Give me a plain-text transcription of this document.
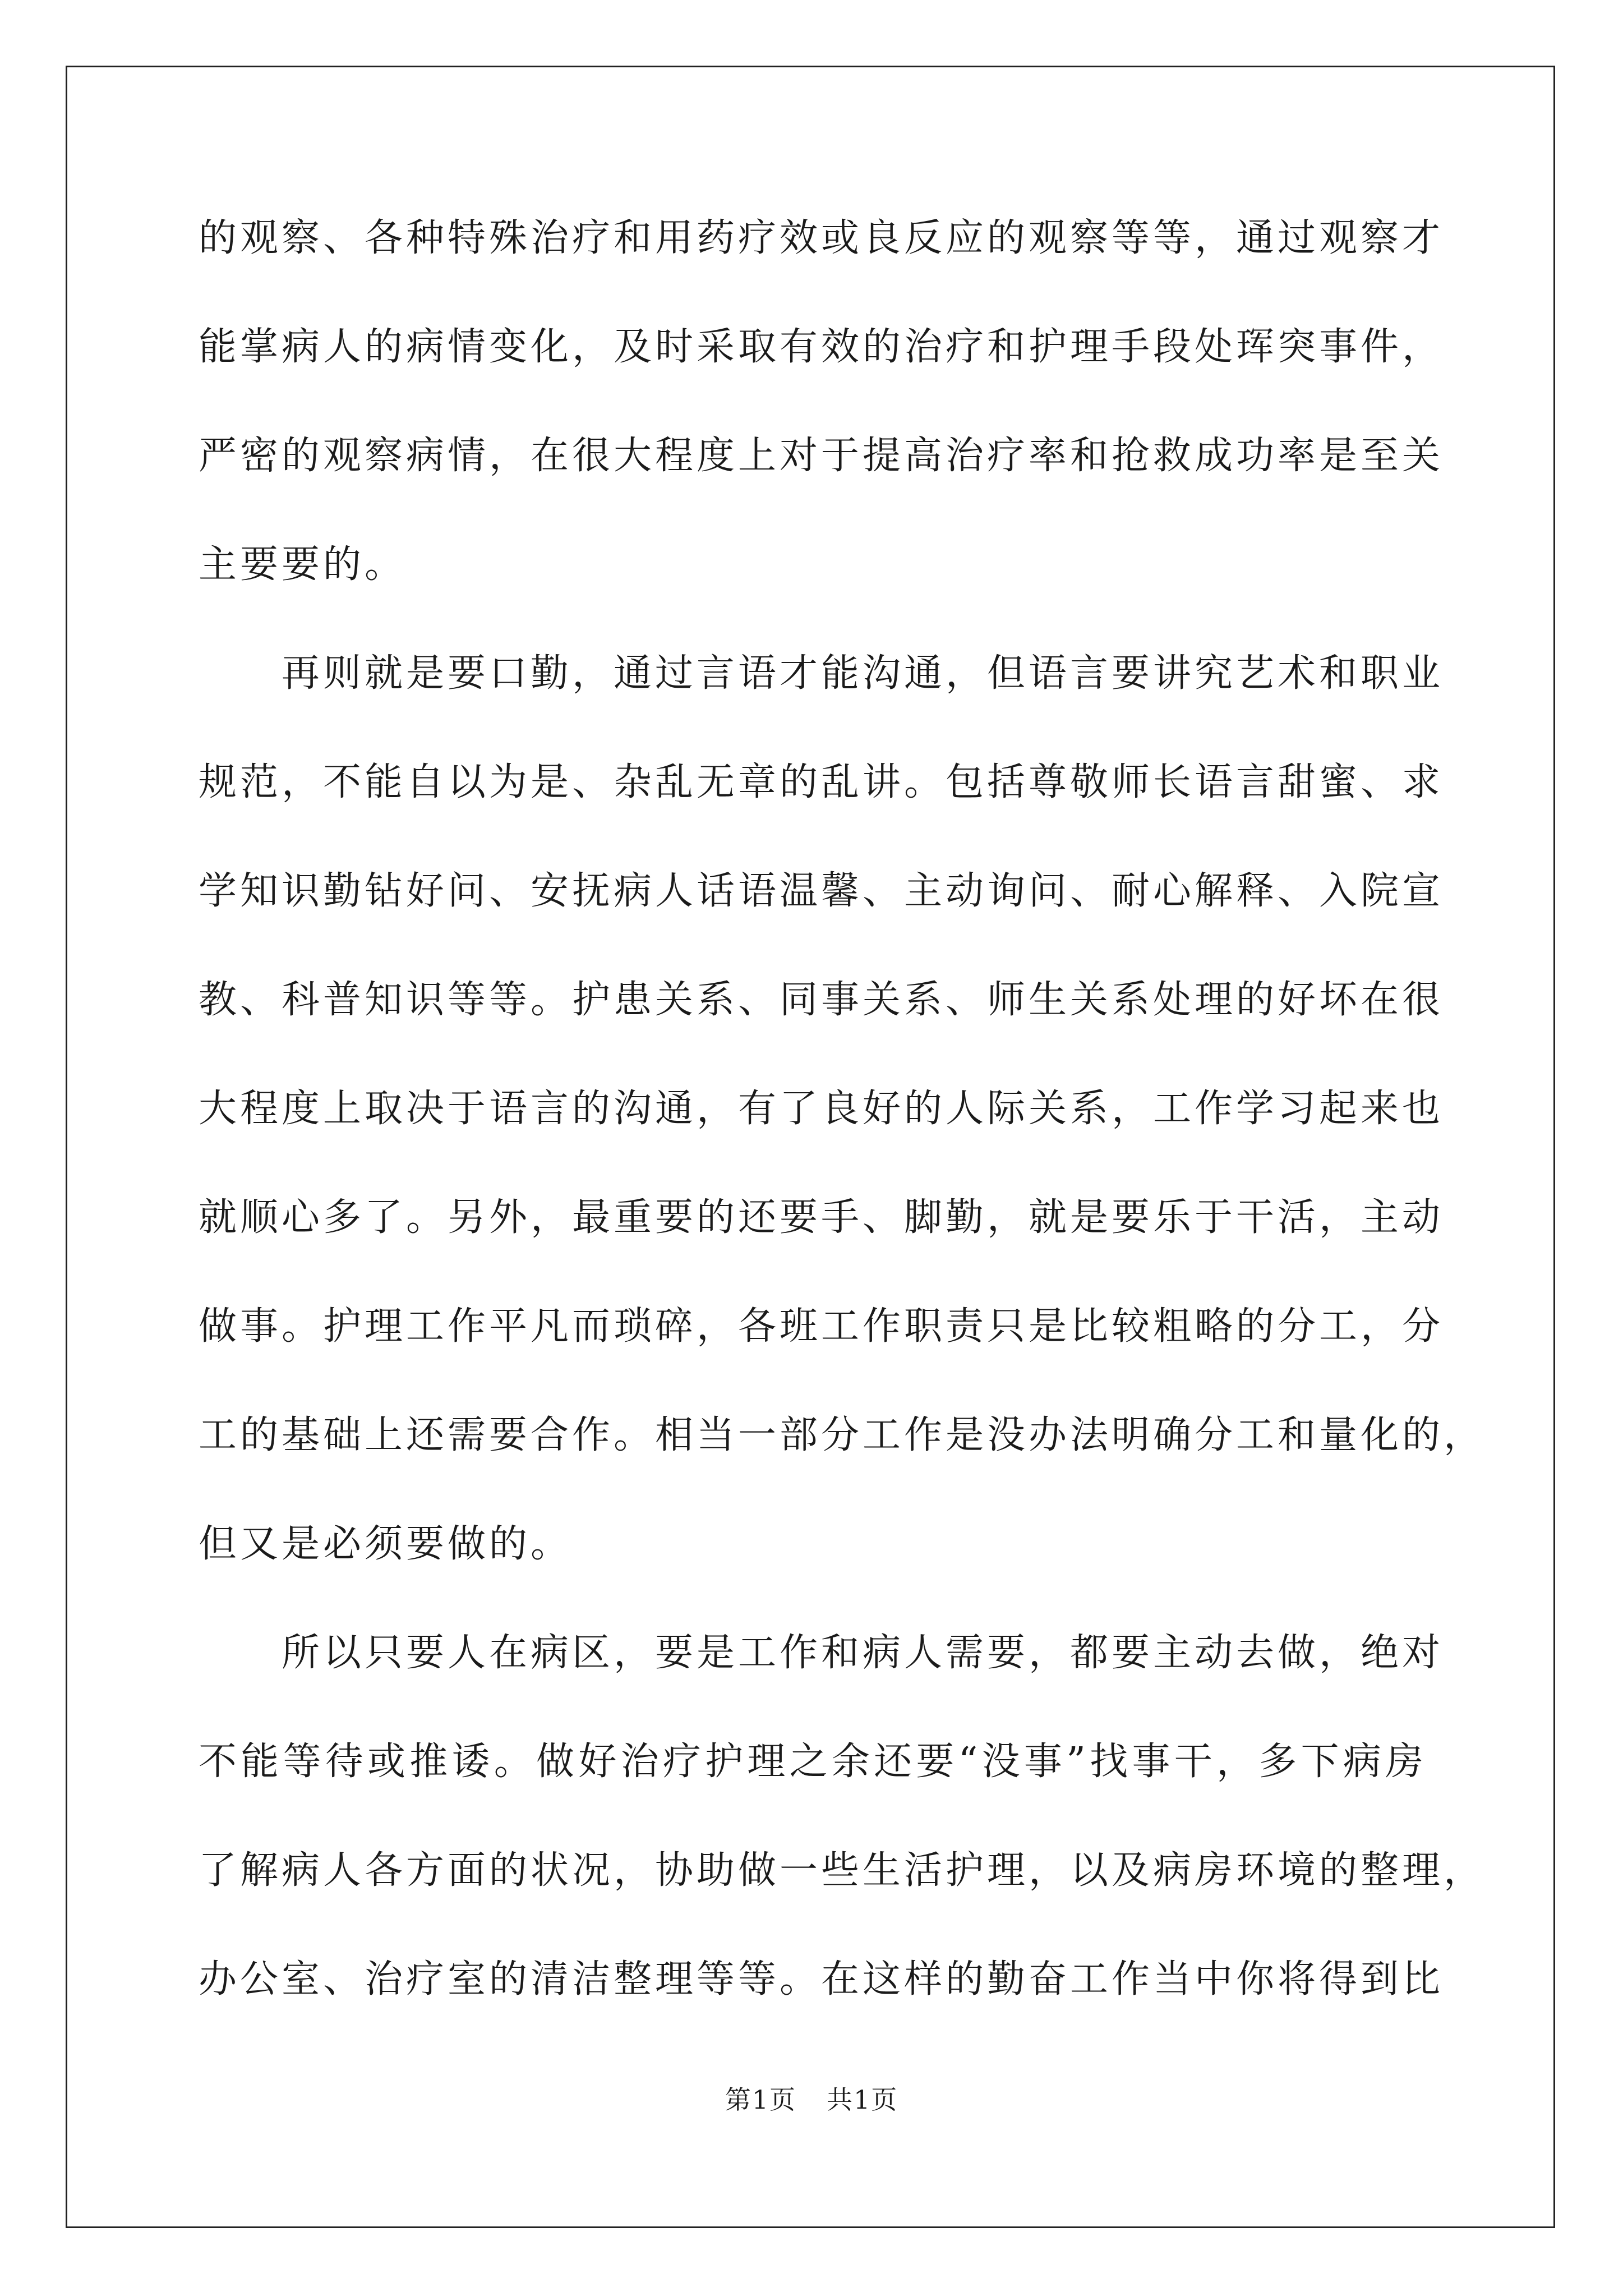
的观察、各种特殊治疗和用药疗效或良反应的观察等等，通过观察才
能掌病人的病情变化，及时采取有效的治疗和护理手段处珲突事件，
严密的观察病情，在很大程度上对于提高治疗率和抢救成功率是至关
主要要的。
再则就是要口勤，通过言语才能沟通，但语言要讲究艺术和职业
规范，不能自以为是、杂乱无章的乱讲。包括尊敬师长语言甜蜜、求
学知识勤钻好问、安抚病人话语温馨、主动询问、耐心解释、入院宣
教、科普知识等等。护患关系、同事关系、师生关系处理的好坏在很
大程度上取决于语言的沟通，有了良好的人际关系，工作学习起来也
就顺心多了。另外，最重要的还要手、脚勤，就是要乐于干活，主动
做事。护理工作平凡而琐碎，各班工作职责只是比较粗略的分工，分
工的基础上还需要合作。相当一部分工作是没办法明确分工和量化的，
但又是必须要做的。
所以只要人在病区，要是工作和病人需要，都要主动去做，绝对
不能等待或推诿。做好治疗护理之余还要“没事”找事干，多下病房
了解病人各方面的状况，协助做一些生活护理，以及病房环境的整理，
办公室、治疗室的清洁整理等等。在这样的勤奋工作当中你将得到比
第1页 共1页
